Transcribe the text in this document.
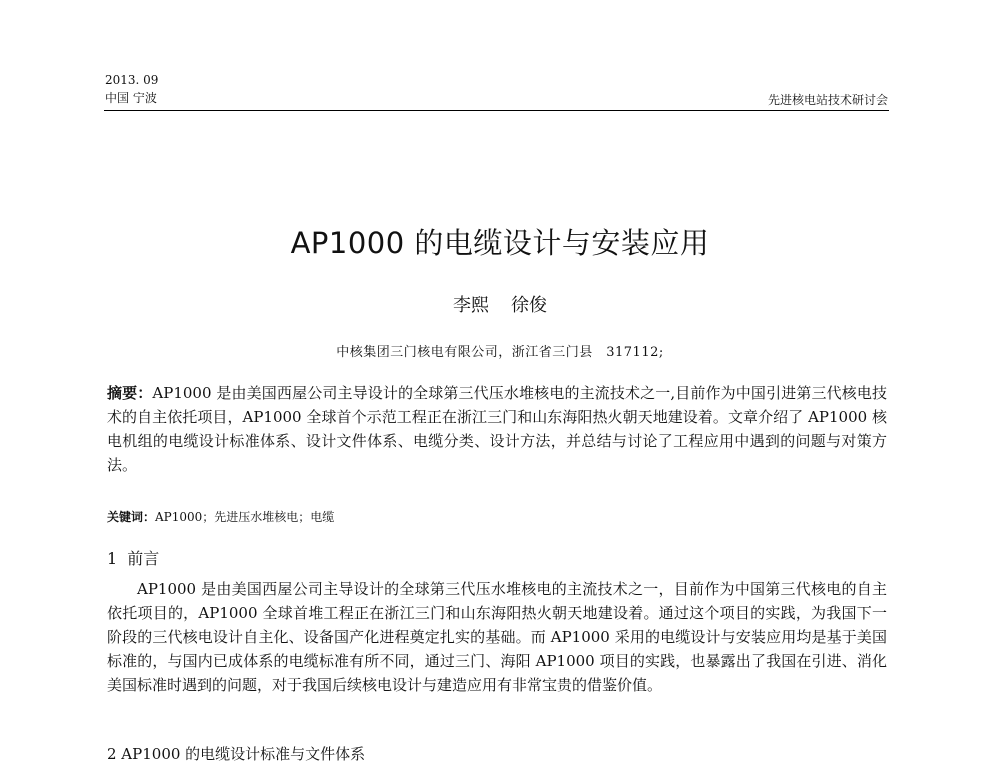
2013. 09
中国 宁波	先进核电站技术研讨会
AP1000 的电缆设计与安装应用
李熙 徐俊
中核集团三门核电有限公司，浙江省三门县　317112;
摘要：AP1000 是由美国西屋公司主导设计的全球第三代压水堆核电的主流技术之一,目前作为中国引进第三代核电技术的自主依托项目，AP1000 全球首个示范工程正在浙江三门和山东海阳热火朝天地建设着。文章介绍了 AP1000 核电机组的电缆设计标准体系、设计文件体系、电缆分类、设计方法，并总结与讨论了工程应用中遇到的问题与对策方法。
关键词：AP1000；先进压水堆核电；电缆
1 前言
AP1000 是由美国西屋公司主导设计的全球第三代压水堆核电的主流技术之一，目前作为中国第三代核电的自主依托项目的，AP1000 全球首堆工程正在浙江三门和山东海阳热火朝天地建设着。通过这个项目的实践，为我国下一阶段的三代核电设计自主化、设备国产化进程奠定扎实的基础。而 AP1000 采用的电缆设计与安装应用均是基于美国标准的，与国内已成体系的电缆标准有所不同，通过三门、海阳 AP1000 项目的实践，也暴露出了我国在引进、消化美国标准时遇到的问题，对于我国后续核电设计与建造应用有非常宝贵的借鉴价值。
2 AP1000 的电缆设计标准与文件体系
